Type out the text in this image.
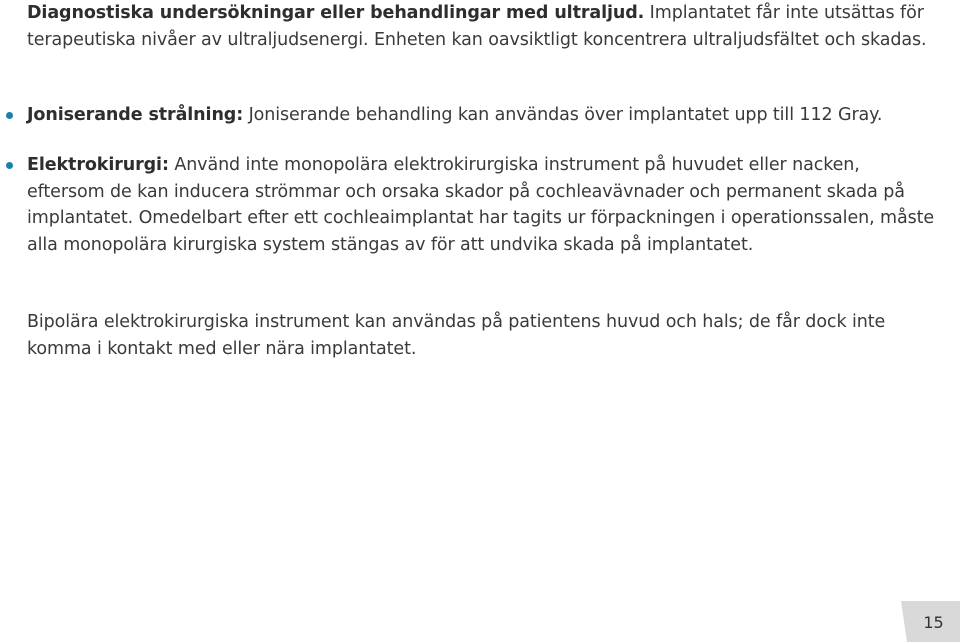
Diagnostiska undersökningar eller behandlingar med ultraljud. Implantatet får inte utsättas för terapeutiska nivåer av ultraljudsenergi. Enheten kan oavsiktligt koncentrera ultraljudsfältet och skadas.

Joniserande strålning: Joniserande behandling kan användas över implantatet upp till 112 Gray.

Elektrokirurgi: Använd inte monopolära elektrokirurgiska instrument på huvudet eller nacken, eftersom de kan inducera strömmar och orsaka skador på cochleavävnader och permanent skada på implantatet. Omedelbart efter ett cochleaimplantat har tagits ur förpackningen i operationssalen, måste alla monopolära kirurgiska system stängas av för att undvika skada på implantatet.

Bipolära elektrokirurgiska instrument kan användas på patientens huvud och hals; de får dock inte komma i kontakt med eller nära implantatet.

15
